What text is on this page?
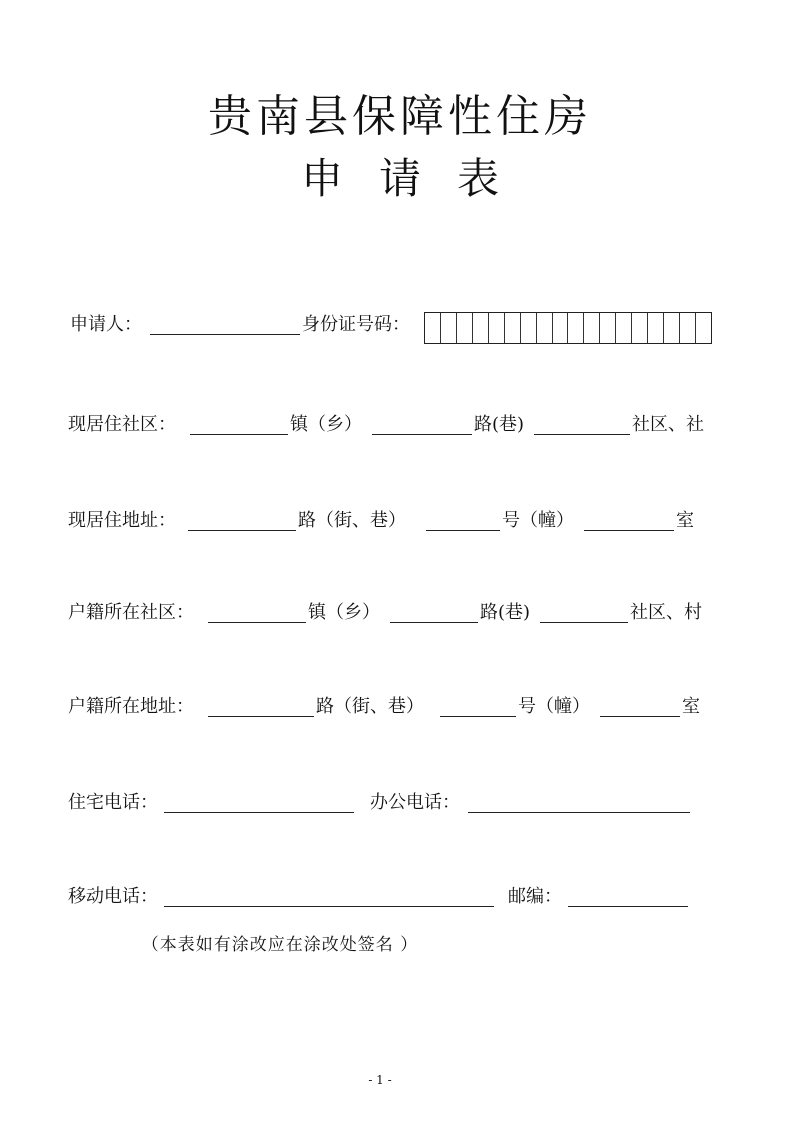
贵南县保障性住房
申请表
申请人：	身份证号码：
现居住社区：	镇（乡）	路(巷)	社区、社
现居住地址：	路（街、巷）	号（幢）	室
户籍所在社区：	镇（乡）	路(巷)	社区、村
户籍所在地址：	路（街、巷）	号（幢）	室
住宅电话：	办公电话：
移动电话：	邮编：
（本表如有涂改应在涂改处签名 ）
- 1 -
